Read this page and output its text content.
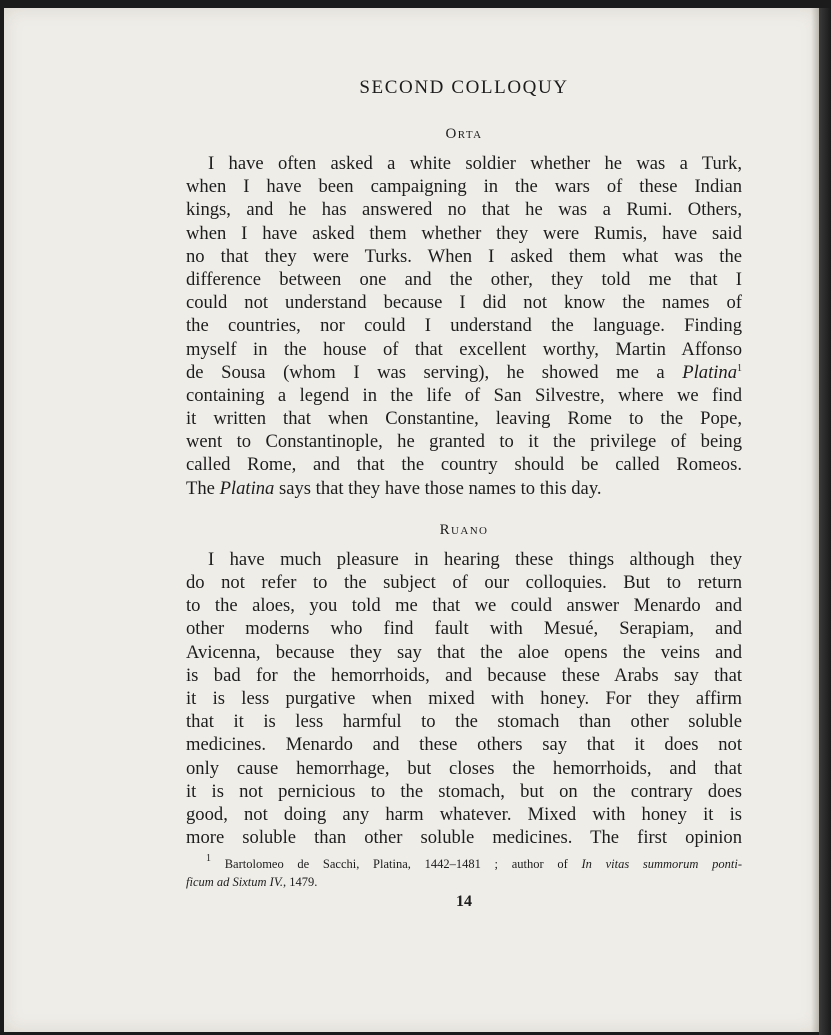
SECOND COLLOQUY
Orta
I have often asked a white soldier whether he was a Turk,
when I have been campaigning in the wars of these Indian
kings, and he has answered no that he was a Rumi. Others,
when I have asked them whether they were Rumis, have said
no that they were Turks. When I asked them what was the
difference between one and the other, they told me that I
could not understand because I did not know the names of
the countries, nor could I understand the language. Finding
myself in the house of that excellent worthy, Martin Affonso
de Sousa (whom I was serving), he showed me a Platina$^1$
containing a legend in the life of San Silvestre, where we find
it written that when Constantine, leaving Rome to the Pope,
went to Constantinople, he granted to it the privilege of being
called Rome, and that the country should be called Romeos.
The Platina says that they have those names to this day.
Ruano
I have much pleasure in hearing these things although they
do not refer to the subject of our colloquies. But to return
to the aloes, you told me that we could answer Menardo and
other moderns who find fault with Mesué, Serapiam, and
Avicenna, because they say that the aloe opens the veins and
is bad for the hemorrhoids, and because these Arabs say that
it is less purgative when mixed with honey. For they affirm
that it is less harmful to the stomach than other soluble
medicines. Menardo and these others say that it does not
only cause hemorrhage, but closes the hemorrhoids, and that
it is not pernicious to the stomach, but on the contrary does
good, not doing any harm whatever. Mixed with honey it is
more soluble than other soluble medicines. The first opinion
$^1$ Bartolomeo de Sacchi, Platina, 1442–1481 ; author of In vitas summorum ponti-
ficum ad Sixtum IV., 1479.
14
